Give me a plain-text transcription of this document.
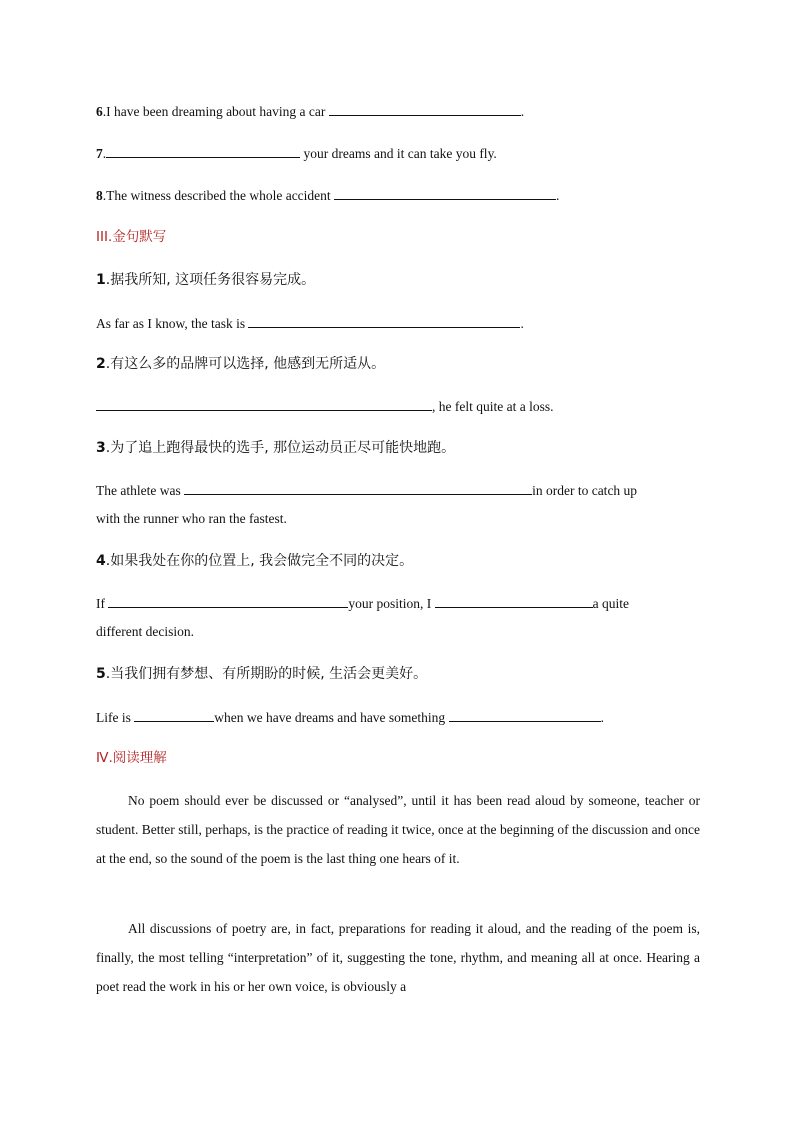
6.I have been dreaming about having a car	.
7.	your dreams and it can take you fly.
8.The witness described the whole accident	.
III.金句默写
1.据我所知, 这项任务很容易完成。
As far as I know, the task is	.
2.有这么多的品牌可以选择, 他感到无所适从。
, he felt quite at a loss.
3.为了追上跑得最快的选手, 那位运动员正尽可能快地跑。
The athlete was	in order to catch up
with the runner who ran the fastest.
4.如果我处在你的位置上, 我会做完全不同的决定。
If	your position, I	a quite
different decision.
5.当我们拥有梦想、有所期盼的时候, 生活会更美好。
Life is	when we have dreams and have something	.
Ⅳ.阅读理解
No poem should ever be discussed or “analysed”, until it has been read aloud by someone, teacher or student. Better still, perhaps, is the practice of reading it twice, once at the beginning of the discussion and once at the end, so the sound of the poem is the last thing one hears of it.
All discussions of poetry are, in fact, preparations for reading it aloud, and the reading of the poem is, finally, the most telling “interpretation” of it, suggesting the tone, rhythm, and meaning all at once. Hearing a poet read the work in his or her own voice, is obviously a
